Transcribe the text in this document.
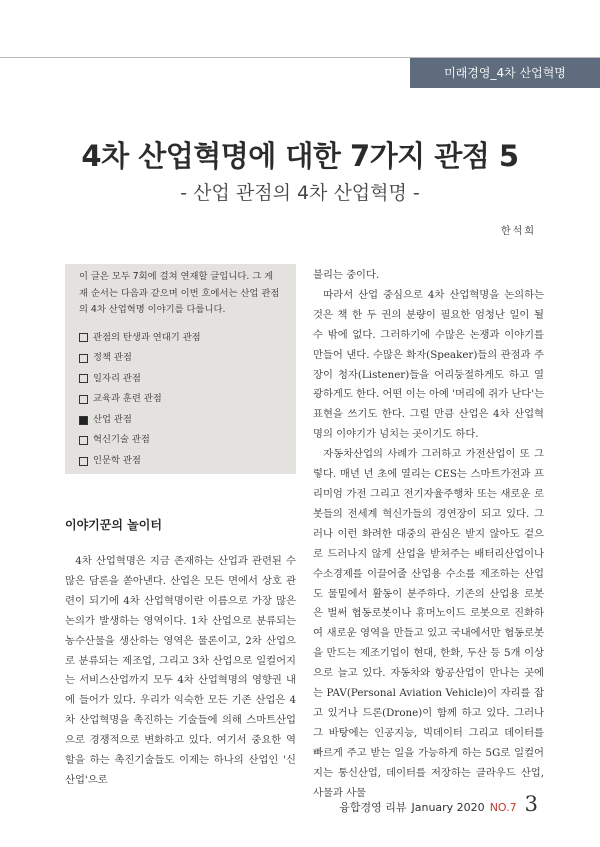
미래경영_4차 산업혁명
4차 산업혁명에 대한 7가지 관점 5
- 산업 관점의 4차 산업혁명 -
한석희

이 글은 모두 7회에 걸쳐 연재할 글입니다. 그 게재 순서는 다음과 같으며 이번 호에서는 산업 관점의 4차 산업혁명 이야기를 다룹니다.

관점의 탄생과 연대기 관점
정책 관점
일자리 관점
교육과 훈련 관점
산업 관점
혁신기술 관점
인문학 관점
이야기꾼의 놀이터

4차 산업혁명은 지금 존재하는 산업과 관련된 수많은 담론을 쏟아낸다. 산업은 모든 면에서 상호 관련이 되기에 4차 산업혁명이란 이름으로 가장 많은 논의가 발생하는 영역이다. 1차 산업으로 분류되는 농수산물을 생산하는 영역은 물론이고, 2차 산업으로 분류되는 제조업, 그리고 3차 산업으로 일컬어지는 서비스산업까지 모두 4차 산업혁명의 영향권 내에 들어가 있다. 우리가 익숙한 모든 기존 산업은 4차 산업혁명을 촉진하는 기술들에 의해 스마트산업으로 경쟁적으로 변화하고 있다. 여기서 중요한 역할을 하는 촉진기술들도 이제는 하나의 산업인 '신산업'으로

불리는 중이다.

따라서 산업 중심으로 4차 산업혁명을 논의하는 것은 책 한 두 권의 분량이 필요한 엄청난 일이 될 수 밖에 없다. 그러하기에 수많은 논쟁과 이야기를 만들어 낸다. 수많은 화자(Speaker)들의 관점과 주장이 청자(Listener)들을 어리둥절하게도 하고 열광하게도 한다. 어떤 이는 아예 '머리에 쥐가 난다'는 표현을 쓰기도 한다. 그럴 만큼 산업은 4차 산업혁명의 이야기가 넘치는 곳이기도 하다.

자동차산업의 사례가 그러하고 가전산업이 또 그렇다. 매년 년 초에 열리는 CES는 스마트가전과 프리미엄 가전 그리고 전기자율주행차 또는 새로운 로봇들의 전세계 혁신가들의 경연장이 되고 있다. 그러나 이런 화려한 대중의 관심은 받지 않아도 겉으로 드러나지 않게 산업을 받쳐주는 배터리산업이나 수소경제를 이끌어줄 산업용 수소를 제조하는 산업도 물밑에서 활동이 분주하다. 기존의 산업용 로봇은 벌써 협동로봇이나 휴머노이드 로봇으로 진화하여 새로운 영역을 만들고 있고 국내에서만 협동로봇을 만드는 제조기업이 현대, 한화, 두산 등 5개 이상으로 늘고 있다. 자동차와 항공산업이 만나는 곳에는 PAV(Personal Aviation Vehicle)이 자리를 잡고 있거나 드론(Drone)이 함께 하고 있다. 그러나 그 바탕에는 인공지능, 빅데이터 그리고 데이터를 빠르게 주고 받는 일을 가능하게 하는 5G로 일컬어지는 통신산업, 데이터를 저장하는 클라우드 산업, 사물과 사물

융합경영 리뷰 January 2020 NO.7 3
